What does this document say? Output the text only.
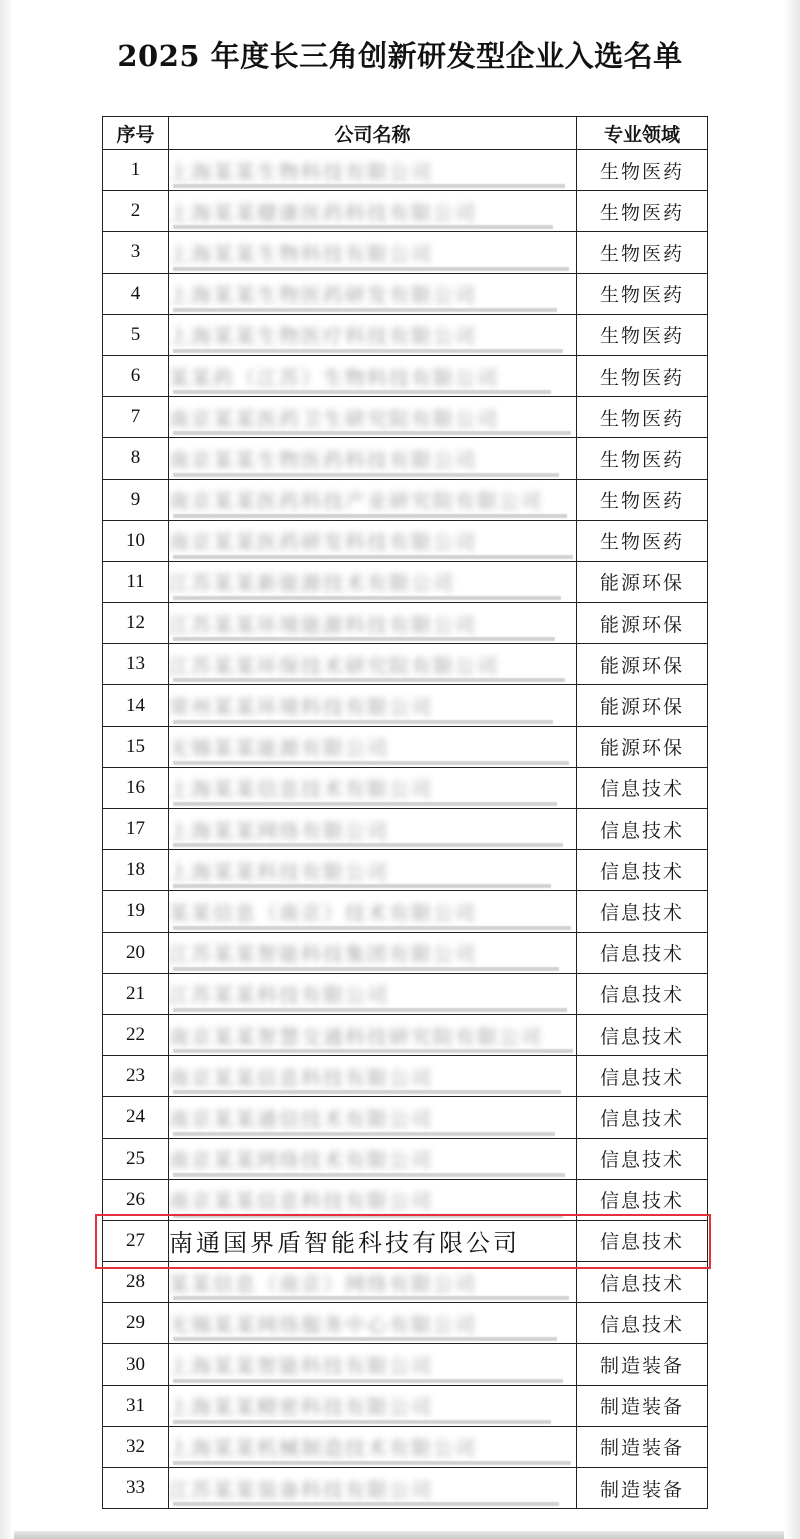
2025 年度长三角创新研发型企业入选名单
序号	公司名称	专业领域
1	上海某某生物科技有限公司	生物医药
2	上海某某健康医药科技有限公司	生物医药
3	上海某某生物科技有限公司	生物医药
4	上海某某生物医药研发有限公司	生物医药
5	上海某某生物医疗科技有限公司	生物医药
6	某某药（江苏）生物科技有限公司	生物医药
7	南京某某医药卫生研究院有限公司	生物医药
8	南京某某生物医药科技有限公司	生物医药
9	南京某某医药科技产业研究院有限公司	生物医药
10	南京某某医药研发科技有限公司	生物医药
11	江苏某某新能源技术有限公司	能源环保
12	江苏某某环境能源科技有限公司	能源环保
13	江苏某某环保技术研究院有限公司	能源环保
14	常州某某环境科技有限公司	能源环保
15	无锡某某能源有限公司	能源环保
16	上海某某信息技术有限公司	信息技术
17	上海某某网络有限公司	信息技术
18	上海某某科技有限公司	信息技术
19	某某信息（南京）技术有限公司	信息技术
20	江苏某某智能科技集团有限公司	信息技术
21	江苏某某科技有限公司	信息技术
22	南京某某智慧交通科技研究院有限公司	信息技术
23	南京某某信息科技有限公司	信息技术
24	南京某某通信技术有限公司	信息技术
25	南京某某网络技术有限公司	信息技术
26	南京某某信息科技有限公司	信息技术
27	南通国界盾智能科技有限公司	信息技术
28	某某信息（南京）网络有限公司	信息技术
29	无锡某某网络服务中心有限公司	信息技术
30	上海某某智能科技有限公司	制造装备
31	上海某某精密科技有限公司	制造装备
32	上海某某机械制造技术有限公司	制造装备
33	江苏某某装备科技有限公司	制造装备
